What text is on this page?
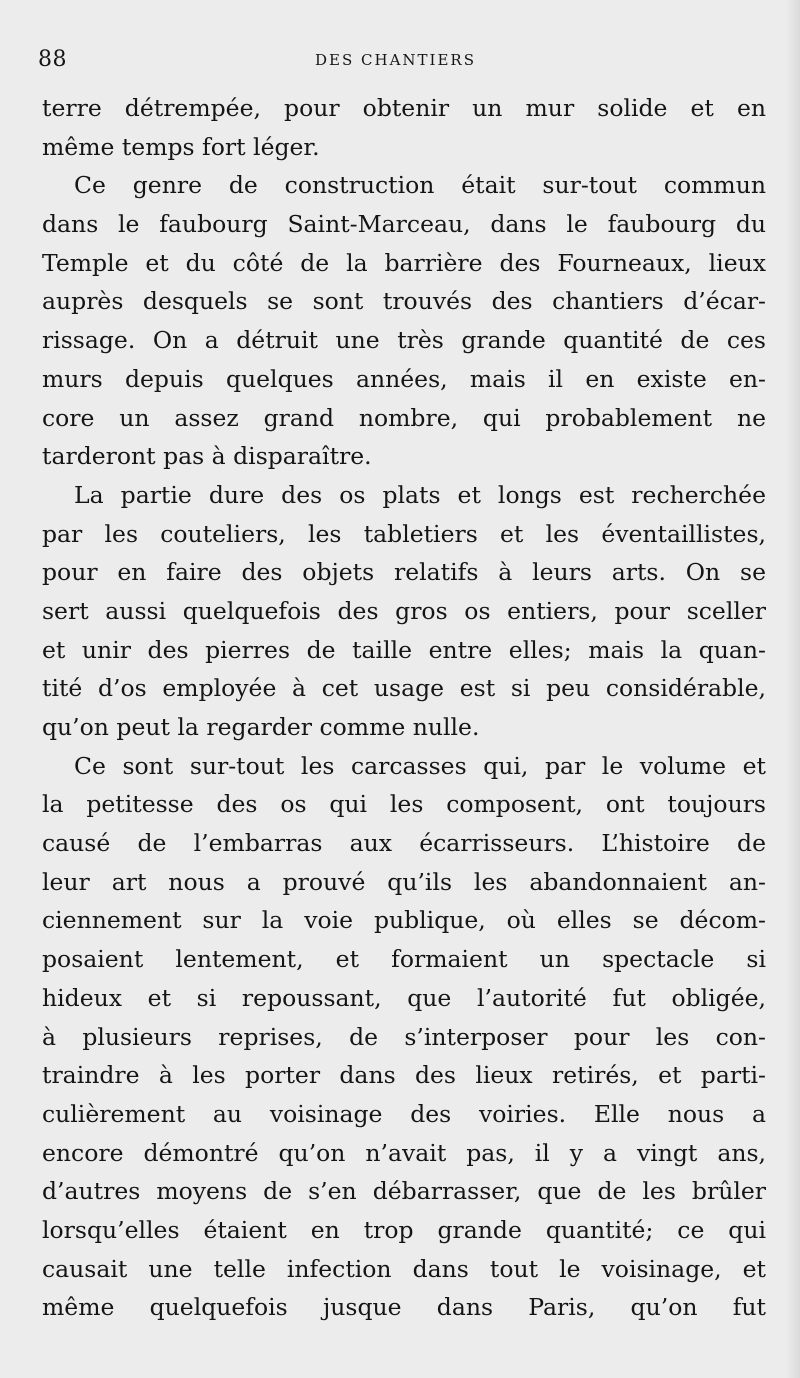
88	DES CHANTIERS
terre détrempée, pour obtenir un mur solide et en
même temps fort léger.
Ce genre de construction était sur-tout commun
dans le faubourg Saint-Marceau, dans le faubourg du
Temple et du côté de la barrière des Fourneaux, lieux
auprès desquels se sont trouvés des chantiers d’écar-
rissage. On a détruit une très grande quantité de ces
murs depuis quelques années, mais il en existe en-
core un assez grand nombre, qui probablement ne
tarderont pas à disparaître.
La partie dure des os plats et longs est recherchée
par les couteliers, les tabletiers et les éventaillistes,
pour en faire des objets relatifs à leurs arts. On se
sert aussi quelquefois des gros os entiers, pour sceller
et unir des pierres de taille entre elles; mais la quan-
tité d’os employée à cet usage est si peu considérable,
qu’on peut la regarder comme nulle.
Ce sont sur-tout les carcasses qui, par le volume et
la petitesse des os qui les composent, ont toujours
causé de l’embarras aux écarrisseurs. L’histoire de
leur art nous a prouvé qu’ils les abandonnaient an-
ciennement sur la voie publique, où elles se décom-
posaient lentement, et formaient un spectacle si
hideux et si repoussant, que l’autorité fut obligée,
à plusieurs reprises, de s’interposer pour les con-
traindre à les porter dans des lieux retirés, et parti-
culièrement au voisinage des voiries. Elle nous a
encore démontré qu’on n’avait pas, il y a vingt ans,
d’autres moyens de s’en débarrasser, que de les brûler
lorsqu’elles étaient en trop grande quantité; ce qui
causait une telle infection dans tout le voisinage, et
même quelquefois jusque dans Paris, qu’on fut
